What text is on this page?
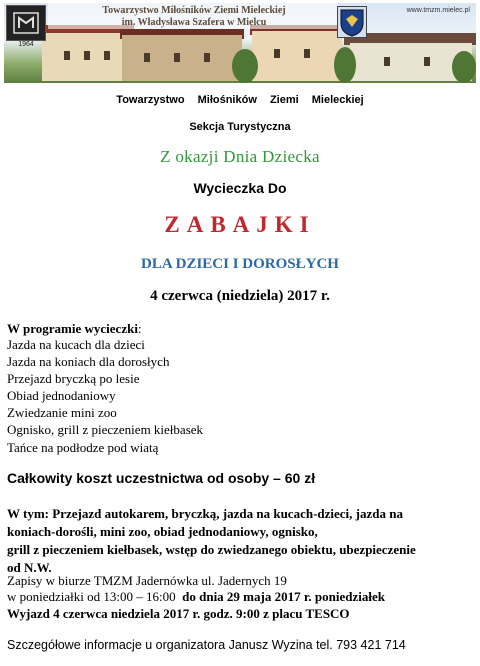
Towarzystwo Miłośników Ziemi Mieleckiej
im. Władysława Szafera w Mielcu
1964
www.tmzm.mielec.pl
Towarzystwo Miłośników Ziemi Mieleckiej
Sekcja Turystyczna
Z okazji Dnia Dziecka
Wycieczka Do
ZABAJKI
DLA DZIECI I DOROSŁYCH
4 czerwca (niedziela) 2017 r.
W programie wycieczki:
Jazda na kucach dla dzieci
Jazda na koniach dla dorosłych
Przejazd bryczką po lesie
Obiad jednodaniowy
Zwiedzanie mini zoo
Ognisko, grill z pieczeniem kiełbasek
Tańce na podłodze pod wiatą
Całkowity koszt uczestnictwa od osoby – 60 zł
W tym: Przejazd autokarem, bryczką, jazda na kucach-dzieci, jazda na
koniach-dorośli, mini zoo, obiad jednodaniowy, ognisko,
grill z pieczeniem kiełbasek, wstęp do zwiedzanego obiektu, ubezpieczenie
od N.W.
Zapisy w biurze TMZM Jadernówka ul. Jadernych 19
w poniedziałki od 13:00 – 16:00  do dnia 29 maja 2017 r. poniedziałek
Wyjazd 4 czerwca niedziela 2017 r. godz. 9:00 z placu TESCO
Szczegółowe informacje u organizatora Janusz Wyzina tel. 793 421 714
